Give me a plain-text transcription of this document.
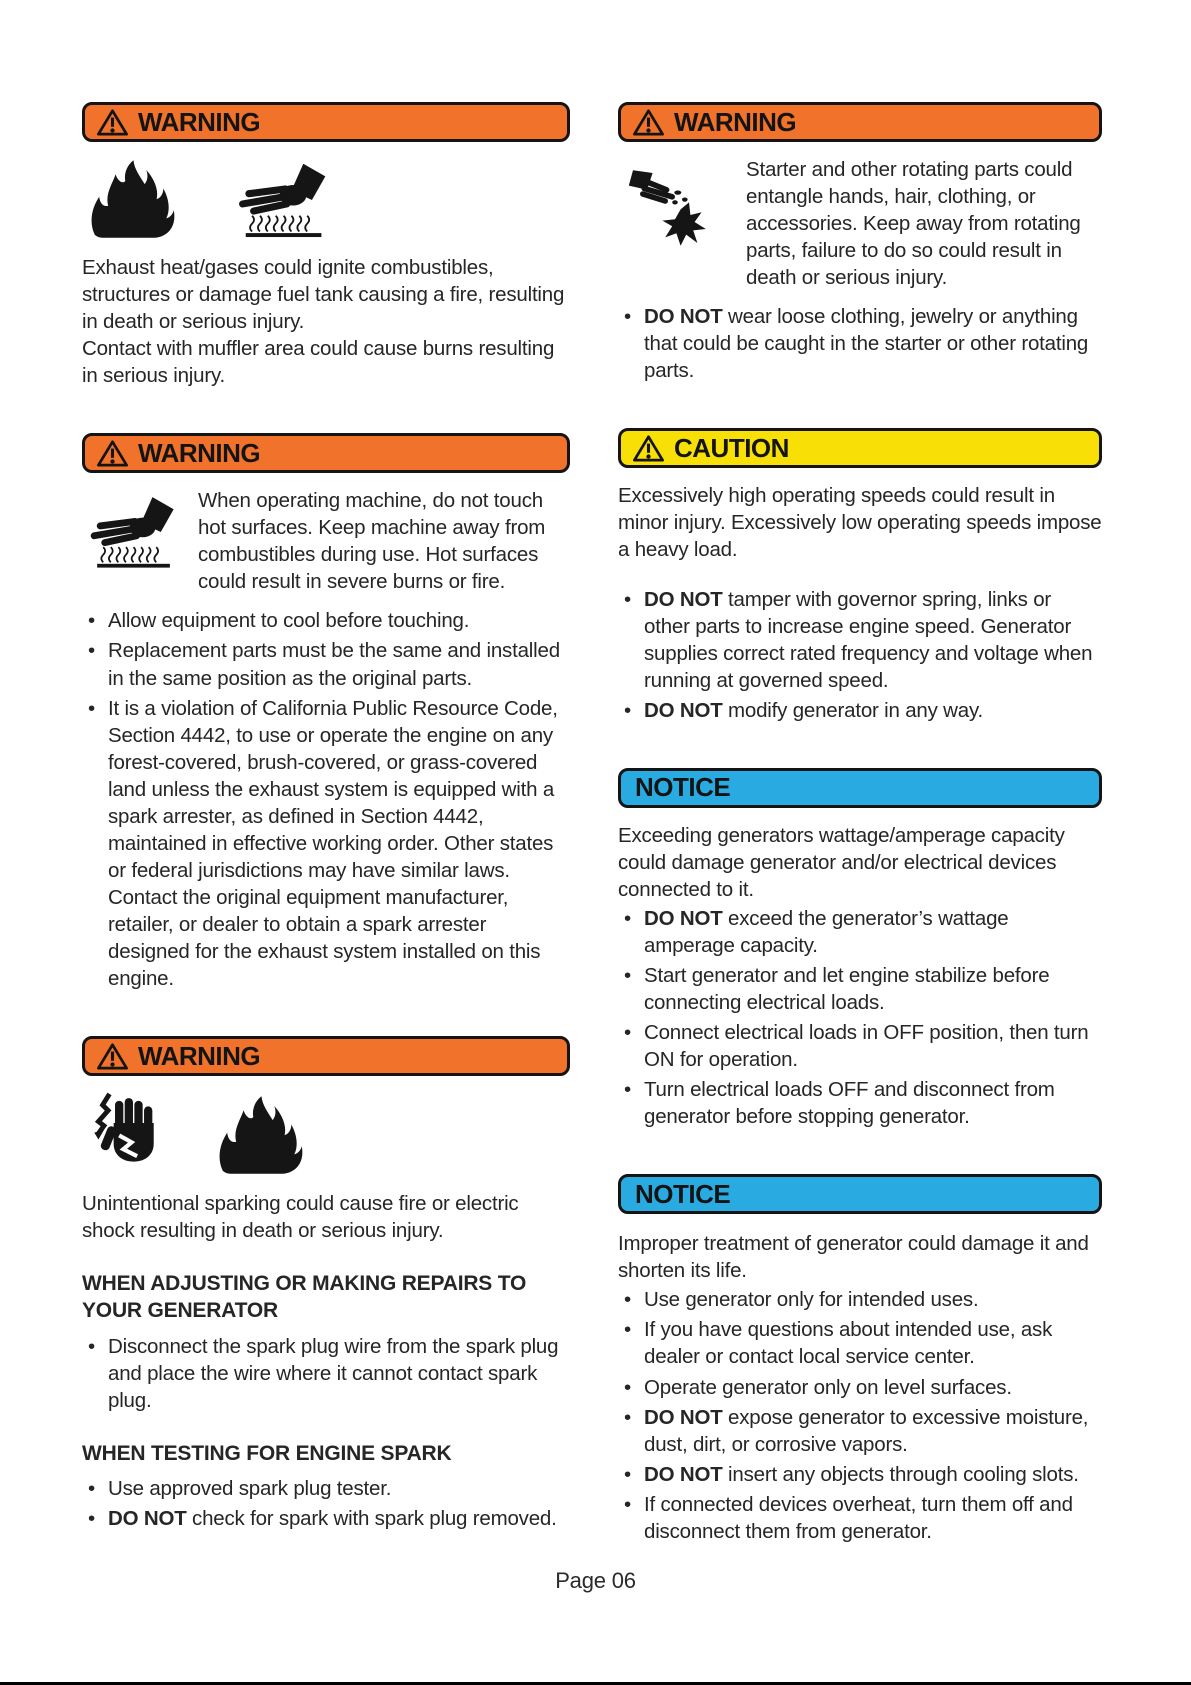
WARNING

Exhaust heat/gases could ignite combustibles, structures or damage fuel tank causing a fire, resulting in death or serious injury.

Contact with muffler area could cause burns resulting in serious injury.

WARNING

When operating machine, do not touch hot surfaces. Keep machine away from combustibles during use. Hot surfaces could result in severe burns or fire.

• Allow equipment to cool before touching.
• Replacement parts must be the same and installed in the same position as the original parts.
• It is a violation of California Public Resource Code, Section 4442, to use or operate the engine on any forest-covered, brush-covered, or grass-covered land unless the exhaust system is equipped with a spark arrester, as defined in Section 4442, maintained in effective working order. Other states or federal jurisdictions may have similar laws. Contact the original equipment manufacturer, retailer, or dealer to obtain a spark arrester designed for the exhaust system installed on this engine.
WARNING

Unintentional sparking could cause fire or electric shock resulting in death or serious injury.

WHEN ADJUSTING OR MAKING REPAIRS TO YOUR GENERATOR
• Disconnect the spark plug wire from the spark plug and place the wire where it cannot contact spark plug.
WHEN TESTING FOR ENGINE SPARK
• Use approved spark plug tester.
• DO NOT check for spark with spark plug removed.
WARNING

Starter and other rotating parts could entangle hands, hair, clothing, or accessories. Keep away from rotating parts, failure to do so could result in death or serious injury.

• DO NOT wear loose clothing, jewelry or anything that could be caught in the starter or other rotating parts.
CAUTION

Excessively high operating speeds could result in minor injury. Excessively low operating speeds impose a heavy load.

• DO NOT tamper with governor spring, links or other parts to increase engine speed. Generator supplies correct rated frequency and voltage when running at governed speed.
• DO NOT modify generator in any way.
NOTICE

Exceeding generators wattage/amperage capacity could damage generator and/or electrical devices connected to it.

• DO NOT exceed the generator’s wattage amperage capacity.
• Start generator and let engine stabilize before connecting electrical loads.
• Connect electrical loads in OFF position, then turn ON for operation.
• Turn electrical loads OFF and disconnect from generator before stopping generator.
NOTICE

Improper treatment of generator could damage it and shorten its life.

• Use generator only for intended uses.
• If you have questions about intended use, ask dealer or contact local service center.
• Operate generator only on level surfaces.
• DO NOT expose generator to excessive moisture, dust, dirt, or corrosive vapors.
• DO NOT insert any objects through cooling slots.
• If connected devices overheat, turn them off and disconnect them from generator.
Page 06
